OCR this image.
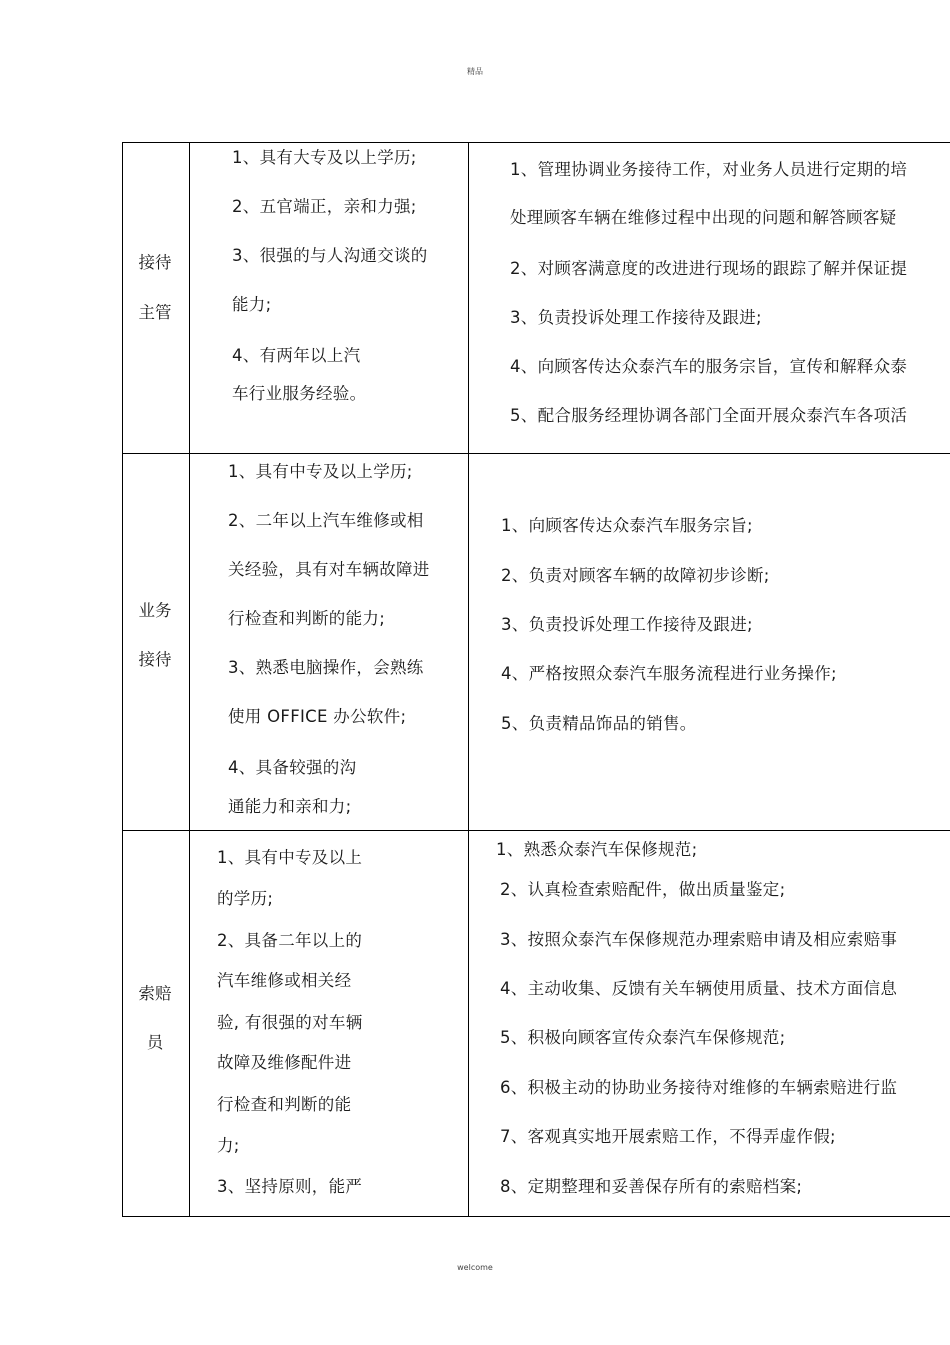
精品
接待
主管
1、具有大专及以上学历;
2、五官端正，亲和力强;
3、很强的与人沟通交谈的
能力;
4、有两年以上汽
车行业服务经验。
1、管理协调业务接待工作，对业务人员进行定期的培
处理顾客车辆在维修过程中出现的问题和解答顾客疑
2、对顾客满意度的改进进行现场的跟踪了解并保证提
3、负责投诉处理工作接待及跟进;
4、向顾客传达众泰汽车的服务宗旨，宣传和解释众泰
5、配合服务经理协调各部门全面开展众泰汽车各项活
业务
接待
1、具有中专及以上学历;
2、二年以上汽车维修或相
关经验，具有对车辆故障进
行检查和判断的能力;
3、熟悉电脑操作，会熟练
使用 OFFICE 办公软件;
4、具备较强的沟
通能力和亲和力;
1、向顾客传达众泰汽车服务宗旨;
2、负责对顾客车辆的故障初步诊断;
3、负责投诉处理工作接待及跟进;
4、严格按照众泰汽车服务流程进行业务操作;
5、负责精品饰品的销售。
索赔
员
1、具有中专及以上
的学历;
2、具备二年以上的
汽车维修或相关经
验, 有很强的对车辆
故障及维修配件进
行检查和判断的能
力;
3、坚持原则，能严
1、熟悉众泰汽车保修规范;
2、认真检查索赔配件，做出质量鉴定;
3、按照众泰汽车保修规范办理索赔申请及相应索赔事
4、主动收集、反馈有关车辆使用质量、技术方面信息
5、积极向顾客宣传众泰汽车保修规范;
6、积极主动的协助业务接待对维修的车辆索赔进行监
7、客观真实地开展索赔工作，不得弄虚作假;
8、定期整理和妥善保存所有的索赔档案;
welcome
